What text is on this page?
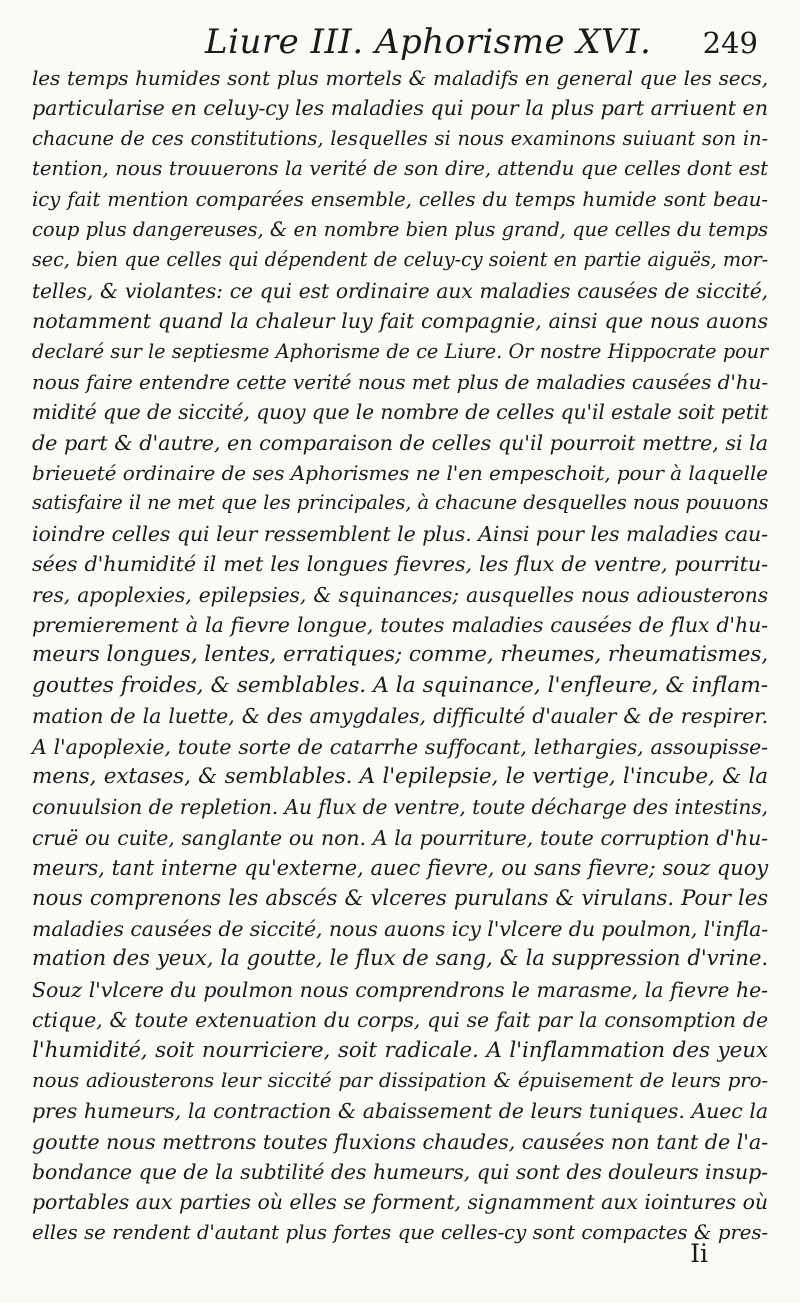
Liure III. Aphorisme XVI. 249
les temps humides sont plus mortels & maladifs en general que les secs,
particularise en celuy-cy les maladies qui pour la plus part arriuent en
chacune de ces constitutions, lesquelles si nous examinons suiuant son in-
tention, nous trouuerons la verité de son dire, attendu que celles dont est
icy fait mention comparées ensemble, celles du temps humide sont beau-
coup plus dangereuses, & en nombre bien plus grand, que celles du temps
sec, bien que celles qui dépendent de celuy-cy soient en partie aiguës, mor-
telles, & violantes: ce qui est ordinaire aux maladies causées de siccité,
notamment quand la chaleur luy fait compagnie, ainsi que nous auons
declaré sur le septiesme Aphorisme de ce Liure. Or nostre Hippocrate pour
nous faire entendre cette verité nous met plus de maladies causées d'hu-
midité que de siccité, quoy que le nombre de celles qu'il estale soit petit
de part & d'autre, en comparaison de celles qu'il pourroit mettre, si la
brieueté ordinaire de ses Aphorismes ne l'en empeschoit, pour à laquelle
satisfaire il ne met que les principales, à chacune desquelles nous pouuons
ioindre celles qui leur ressemblent le plus. Ainsi pour les maladies cau-
sées d'humidité il met les longues fievres, les flux de ventre, pourritu-
res, apoplexies, epilepsies, & squinances; ausquelles nous adiousterons
premierement à la fievre longue, toutes maladies causées de flux d'hu-
meurs longues, lentes, erratiques; comme, rheumes, rheumatismes,
gouttes froides, & semblables. A la squinance, l'enfleure, & inflam-
mation de la luette, & des amygdales, difficulté d'aualer & de respirer.
A l'apoplexie, toute sorte de catarrhe suffocant, lethargies, assoupisse-
mens, extases, & semblables. A l'epilepsie, le vertige, l'incube, & la
conuulsion de repletion. Au flux de ventre, toute décharge des intestins,
cruë ou cuite, sanglante ou non. A la pourriture, toute corruption d'hu-
meurs, tant interne qu'externe, auec fievre, ou sans fievre; souz quoy
nous comprenons les abscés & vlceres purulans & virulans. Pour les
maladies causées de siccité, nous auons icy l'vlcere du poulmon, l'infla-
mation des yeux, la goutte, le flux de sang, & la suppression d'vrine.
Souz l'vlcere du poulmon nous comprendrons le marasme, la fievre he-
ctique, & toute extenuation du corps, qui se fait par la consomption de
l'humidité, soit nourriciere, soit radicale. A l'inflammation des yeux
nous adiousterons leur siccité par dissipation & épuisement de leurs pro-
pres humeurs, la contraction & abaissement de leurs tuniques. Auec la
goutte nous mettrons toutes fluxions chaudes, causées non tant de l'a-
bondance que de la subtilité des humeurs, qui sont des douleurs insup-
portables aux parties où elles se forment, signamment aux iointures où
elles se rendent d'autant plus fortes que celles-cy sont compactes & pres-
Ii
